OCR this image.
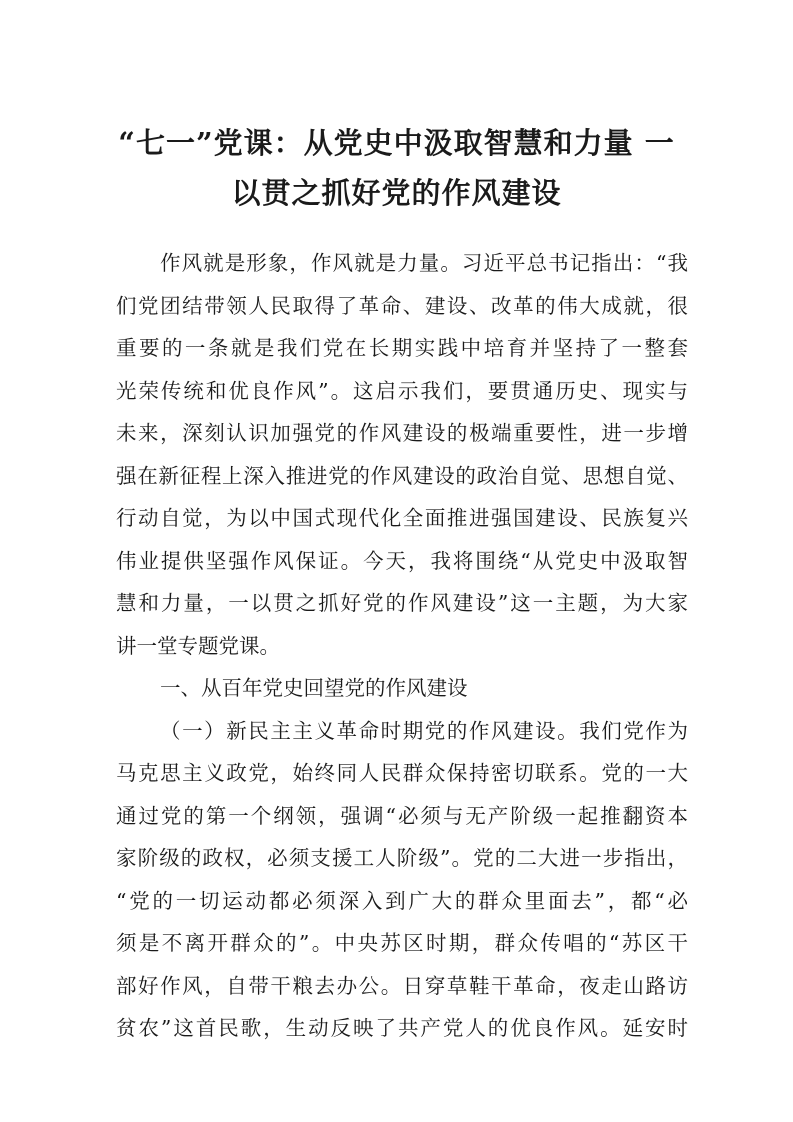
“七一”党课：从党史中汲取智慧和力量 一
以贯之抓好党的作风建设
作风就是形象，作风就是力量。习近平总书记指出：“我
们党团结带领人民取得了革命、建设、改革的伟大成就，很
重要的一条就是我们党在长期实践中培育并坚持了一整套
光荣传统和优良作风”。这启示我们，要贯通历史、现实与
未来，深刻认识加强党的作风建设的极端重要性，进一步增
强在新征程上深入推进党的作风建设的政治自觉、思想自觉、
行动自觉，为以中国式现代化全面推进强国建设、民族复兴
伟业提供坚强作风保证。今天，我将围绕“从党史中汲取智
慧和力量，一以贯之抓好党的作风建设”这一主题，为大家
讲一堂专题党课。
一、从百年党史回望党的作风建设
（一）新民主主义革命时期党的作风建设。我们党作为
马克思主义政党，始终同人民群众保持密切联系。党的一大
通过党的第一个纲领，强调“必须与无产阶级一起推翻资本
家阶级的政权，必须支援工人阶级”。党的二大进一步指出，
“党的一切运动都必须深入到广大的群众里面去”，都“必
须是不离开群众的”。中央苏区时期，群众传唱的“苏区干
部好作风，自带干粮去办公。日穿草鞋干革命，夜走山路访
贫农”这首民歌，生动反映了共产党人的优良作风。延安时
